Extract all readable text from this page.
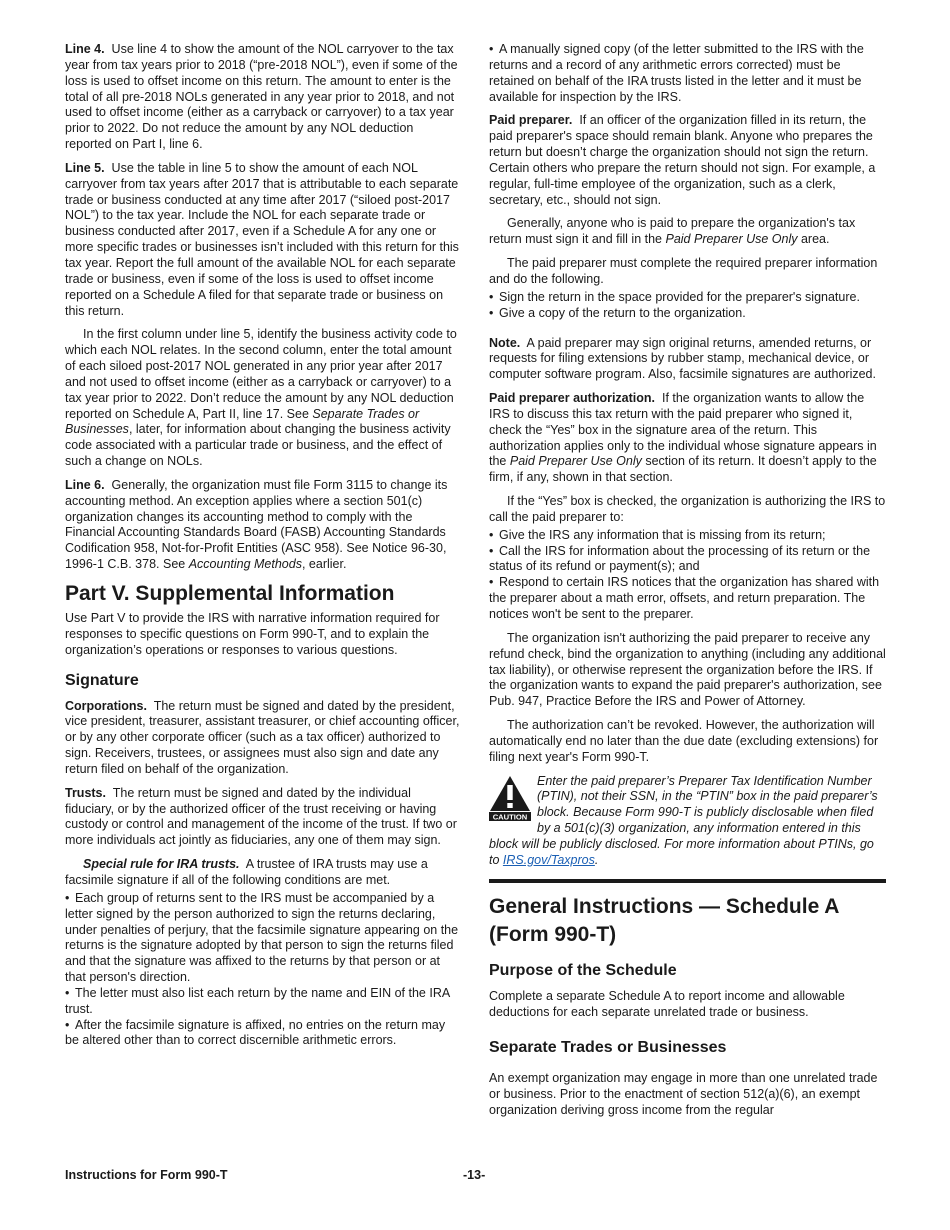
Line 4. Use line 4 to show the amount of the NOL carryover to the tax year from tax years prior to 2018 (“pre-2018 NOL”), even if some of the loss is used to offset income on this return. The amount to enter is the total of all pre-2018 NOLs generated in any year prior to 2018, and not used to offset income (either as a carryback or carryover) to a tax year prior to 2022. Do not reduce the amount by any NOL deduction reported on Part I, line 6.

Line 5. Use the table in line 5 to show the amount of each NOL carryover from tax years after 2017 that is attributable to each separate trade or business conducted at any time after 2017 (“siloed post-2017 NOL”) to the tax year. Include the NOL for each separate trade or business conducted after 2017, even if a Schedule A for any one or more specific trades or businesses isn’t included with this return for this tax year. Report the full amount of the available NOL for each separate trade or business, even if some of the loss is used to offset income reported on a Schedule A filed for that separate trade or business on this return.

In the first column under line 5, identify the business activity code to which each NOL relates. In the second column, enter the total amount of each siloed post-2017 NOL generated in any prior year after 2017 and not used to offset income (either as a carryback or carryover) to a tax year prior to 2022. Don’t reduce the amount by any NOL deduction reported on Schedule A, Part II, line 17. See Separate Trades or Businesses, later, for information about changing the business activity code associated with a particular trade or business, and the effect of such a change on NOLs.

Line 6. Generally, the organization must file Form 3115 to change its accounting method. An exception applies where a section 501(c) organization changes its accounting method to comply with the Financial Accounting Standards Board (FASB) Accounting Standards Codification 958, Not-for-Profit Entities (ASC 958). See Notice 96-30, 1996-1 C.B. 378. See Accounting Methods, earlier.

Part V. Supplemental Information

Use Part V to provide the IRS with narrative information required for responses to specific questions on Form 990-T, and to explain the organization’s operations or responses to various questions.

Signature

Corporations. The return must be signed and dated by the president, vice president, treasurer, assistant treasurer, or chief accounting officer, or by any other corporate officer (such as a tax officer) authorized to sign. Receivers, trustees, or assignees must also sign and date any return filed on behalf of the organization.

Trusts. The return must be signed and dated by the individual fiduciary, or by the authorized officer of the trust receiving or having custody or control and management of the income of the trust. If two or more individuals act jointly as fiduciaries, any one of them may sign.

Special rule for IRA trusts. A trustee of IRA trusts may use a facsimile signature if all of the following conditions are met.

• Each group of returns sent to the IRS must be accompanied by a letter signed by the person authorized to sign the returns declaring, under penalties of perjury, that the facsimile signature appearing on the returns is the signature adopted by that person to sign the returns filed and that the signature was affixed to the returns by that person or at that person's direction.
• The letter must also list each return by the name and EIN of the IRA trust.
• After the facsimile signature is affixed, no entries on the return may be altered other than to correct discernible arithmetic errors.
• A manually signed copy (of the letter submitted to the IRS with the returns and a record of any arithmetic errors corrected) must be retained on behalf of the IRA trusts listed in the letter and it must be available for inspection by the IRS.

Paid preparer. If an officer of the organization filled in its return, the paid preparer's space should remain blank. Anyone who prepares the return but doesn’t charge the organization should not sign the return. Certain others who prepare the return should not sign. For example, a regular, full-time employee of the organization, such as a clerk, secretary, etc., should not sign.

Generally, anyone who is paid to prepare the organization's tax return must sign it and fill in the Paid Preparer Use Only area.

The paid preparer must complete the required preparer information and do the following.

• Sign the return in the space provided for the preparer's signature.
• Give a copy of the return to the organization.

Note. A paid preparer may sign original returns, amended returns, or requests for filing extensions by rubber stamp, mechanical device, or computer software program. Also, facsimile signatures are authorized.

Paid preparer authorization. If the organization wants to allow the IRS to discuss this tax return with the paid preparer who signed it, check the “Yes” box in the signature area of the return. This authorization applies only to the individual whose signature appears in the Paid Preparer Use Only section of its return. It doesn’t apply to the firm, if any, shown in that section.

If the “Yes” box is checked, the organization is authorizing the IRS to call the paid preparer to:

• Give the IRS any information that is missing from its return;
• Call the IRS for information about the processing of its return or the status of its refund or payment(s); and
• Respond to certain IRS notices that the organization has shared with the preparer about a math error, offsets, and return preparation. The notices won't be sent to the preparer.

The organization isn't authorizing the paid preparer to receive any refund check, bind the organization to anything (including any additional tax liability), or otherwise represent the organization before the IRS. If the organization wants to expand the paid preparer's authorization, see Pub. 947, Practice Before the IRS and Power of Attorney.

The authorization can’t be revoked. However, the authorization will automatically end no later than the due date (excluding extensions) for filing next year's Form 990-T.

CAUTION

Enter the paid preparer’s Preparer Tax Identification Number (PTIN), not their SSN, in the “PTIN” box in the paid preparer’s block. Because Form 990-T is publicly disclosable when filed by a 501(c)(3) organization, any information entered in this block will be publicly disclosed. For more information about PTINs, go to IRS.gov/Taxpros.

General Instructions — Schedule A (Form 990-T)
Purpose of the Schedule

Complete a separate Schedule A to report income and allowable deductions for each separate unrelated trade or business.

Separate Trades or Businesses

An exempt organization may engage in more than one unrelated trade or business. Prior to the enactment of section 512(a)(6), an exempt organization deriving gross income from the regular

Instructions for Form 990-T	-13-
